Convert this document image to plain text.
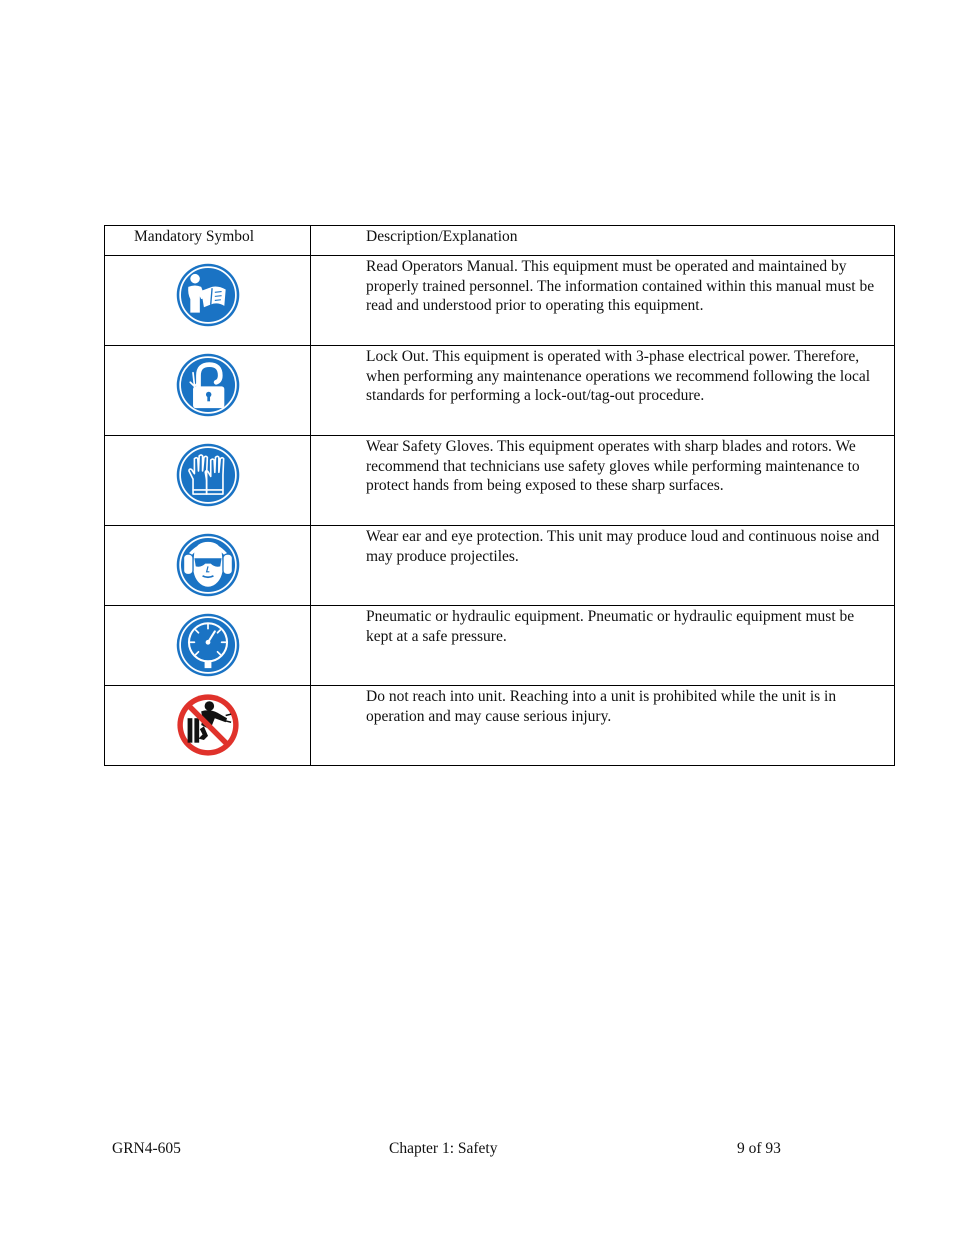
Mandatory Symbol	Description/Explanation

	Read Operators Manual. This equipment must be operated and maintained by properly trained personnel. The information contained within this manual must be read and understood prior to operating this equipment.

	Lock Out. This equipment is operated with 3-phase electrical power. Therefore, when performing any maintenance operations we recommend following the local standards for performing a lock-out/tag-out procedure.

	Wear Safety Gloves. This equipment operates with sharp blades and rotors. We recommend that technicians use safety gloves while performing maintenance to protect hands from being exposed to these sharp surfaces.

	Wear ear and eye protection. This unit may produce loud and continuous noise and may produce projectiles.

	Pneumatic or hydraulic equipment. Pneumatic or hydraulic equipment must be kept at a safe pressure.

	Do not reach into unit. Reaching into a unit is prohibited while the unit is in operation and may cause serious injury.
GRN4-605	Chapter 1: Safety	9 of 93
